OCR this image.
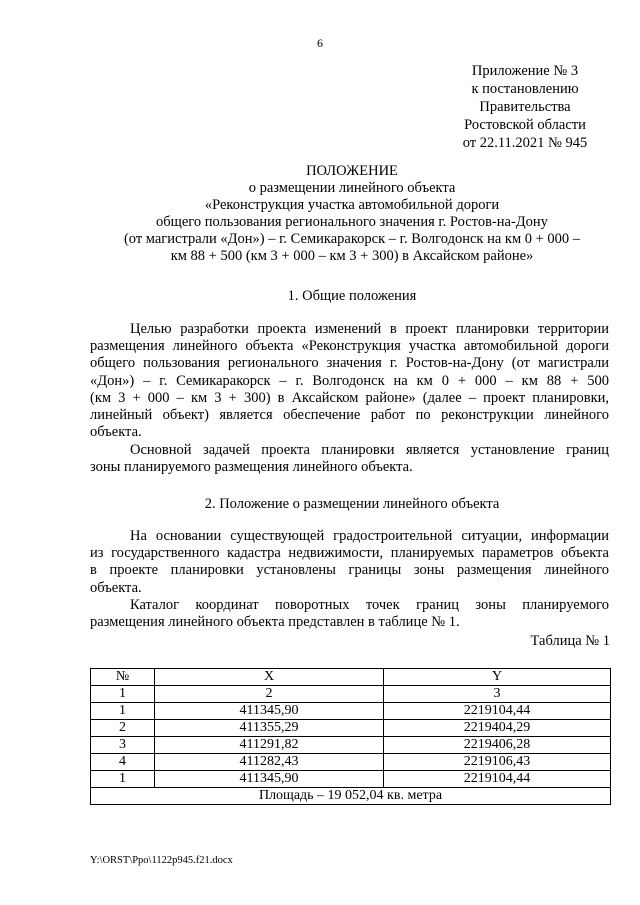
6
Приложение № 3
к постановлению
Правительства
Ростовской области
от 22.11.2021 № 945
ПОЛОЖЕНИЕ
о размещении линейного объекта
«Реконструкция участка автомобильной дороги
общего пользования регионального значения г. Ростов-на-Дону
(от магистрали «Дон») – г. Семикаракорск – г. Волгодонск на км 0 + 000 –
км 88 + 500 (км 3 + 000 – км 3 + 300) в Аксайском районе»
1. Общие положения
Целью разработки проекта изменений в проект планировки территории
размещения линейного объекта «Реконструкция участка автомобильной дороги
общего пользования регионального значения г. Ростов-на-Дону (от магистрали
«Дон») – г. Семикаракорск – г. Волгодонск на км 0 + 000 – км 88 + 500
(км 3 + 000 – км 3 + 300) в Аксайском районе» (далее – проект планировки,
линейный объект) является обеспечение работ по реконструкции линейного
объекта.
Основной задачей проекта планировки является установление границ
зоны планируемого размещения линейного объекта.
2. Положение о размещении линейного объекта
На основании существующей градостроительной ситуации, информации
из государственного кадастра недвижимости, планируемых параметров объекта
в проекте планировки установлены границы зоны размещения линейного
объекта.
Каталог координат поворотных точек границ зоны планируемого
размещения линейного объекта представлен в таблице № 1.
Таблица № 1
№	X	Y
1	2	3
1	411345,90	2219104,44
2	411355,29	2219404,29
3	411291,82	2219406,28
4	411282,43	2219106,43
1	411345,90	2219104,44
Площадь – 19 052,04 кв. метра		
Y:\ORST\Ppo\1122p945.f21.docx
